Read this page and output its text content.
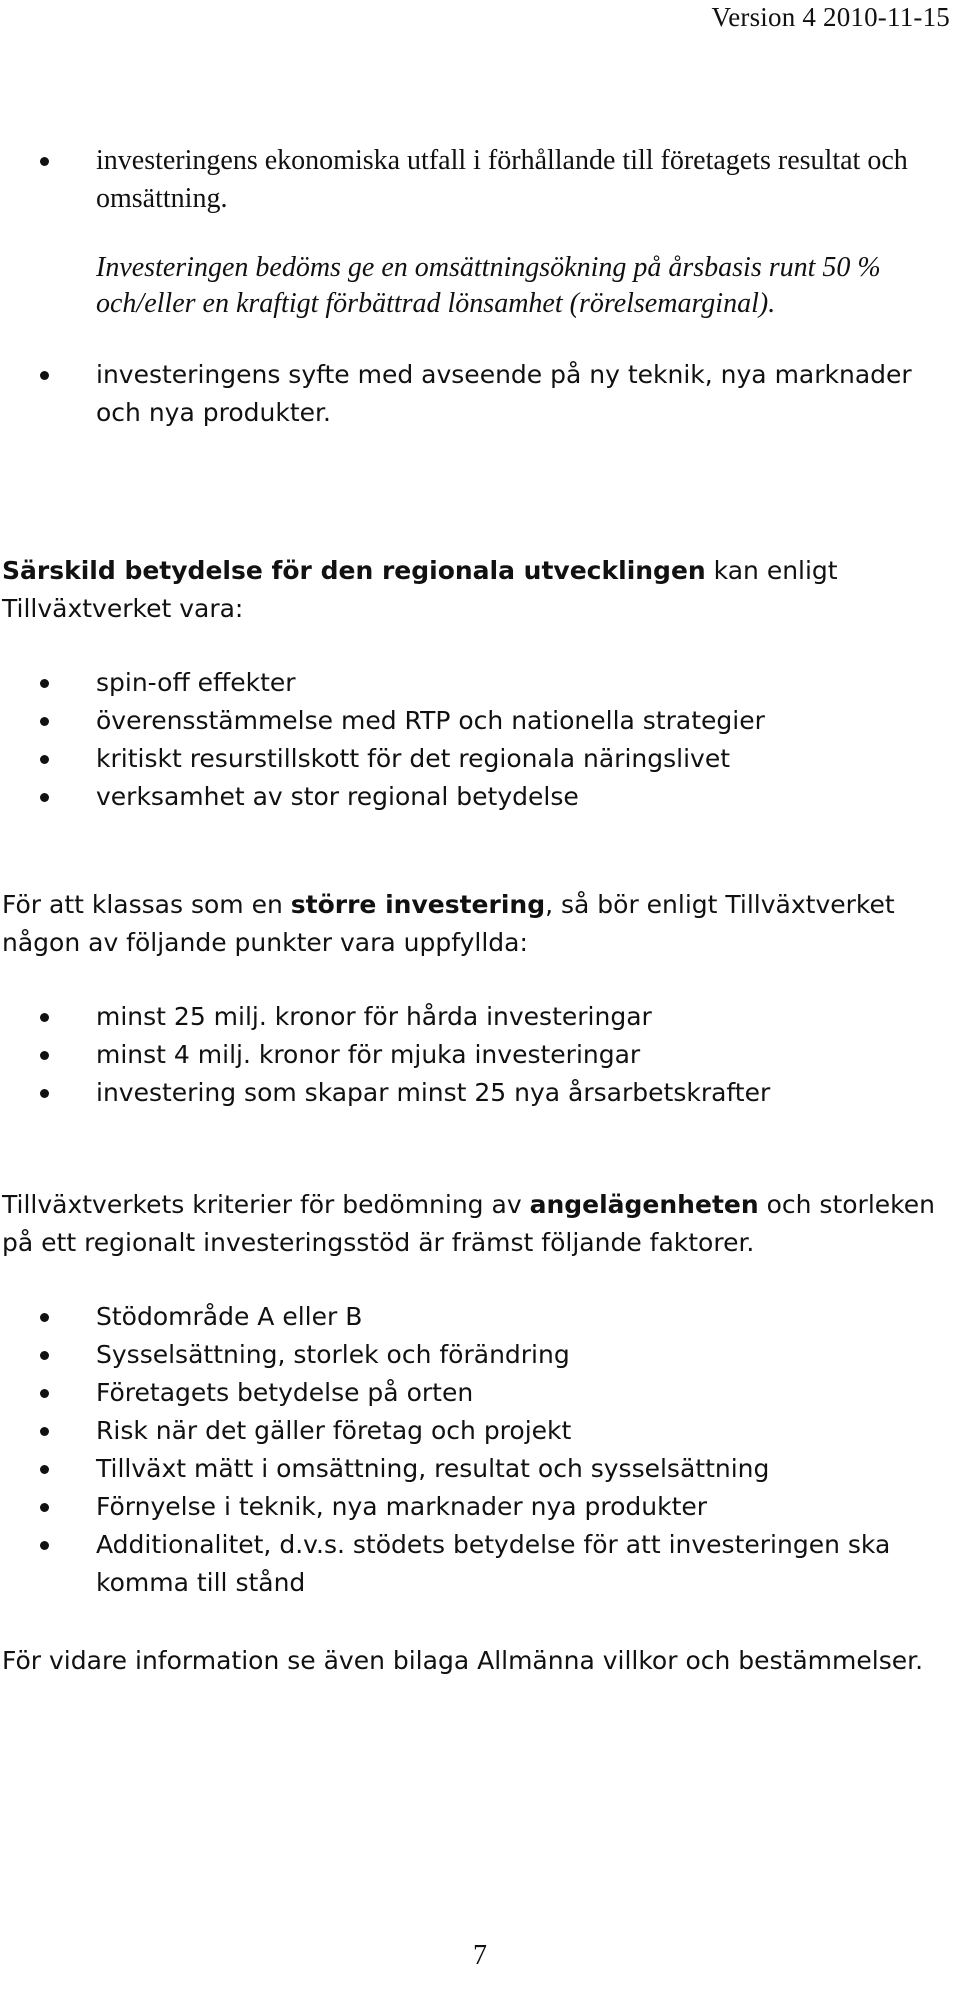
Version 4 2010-11-15
investeringens ekonomiska utfall i förhållande till företagets resultat och omsättning.

Investeringen bedöms ge en omsättningsökning på årsbasis runt 50 % och/eller en kraftigt förbättrad lönsamhet (rörelsemarginal).

investeringens syfte med avseende på ny teknik, nya marknader och nya produkter.

Särskild betydelse för den regionala utvecklingen kan enligt Tillväxtverket vara:

spin-off effekter
överensstämmelse med RTP och nationella strategier
kritiskt resurstillskott för det regionala näringslivet
verksamhet av stor regional betydelse

För att klassas som en större investering, så bör enligt Tillväxtverket någon av följande punkter vara uppfyllda:

minst 25 milj. kronor för hårda investeringar
minst 4 milj. kronor för mjuka investeringar
investering som skapar minst 25 nya årsarbetskrafter

Tillväxtverkets kriterier för bedömning av angelägenheten och storleken på ett regionalt investeringsstöd är främst följande faktorer.

Stödområde A eller B
Sysselsättning, storlek och förändring
Företagets betydelse på orten
Risk när det gäller företag och projekt
Tillväxt mätt i omsättning, resultat och sysselsättning
Förnyelse i teknik, nya marknader nya produkter
Additionalitet, d.v.s. stödets betydelse för att investeringen ska komma till stånd

För vidare information se även bilaga Allmänna villkor och bestämmelser.

7
